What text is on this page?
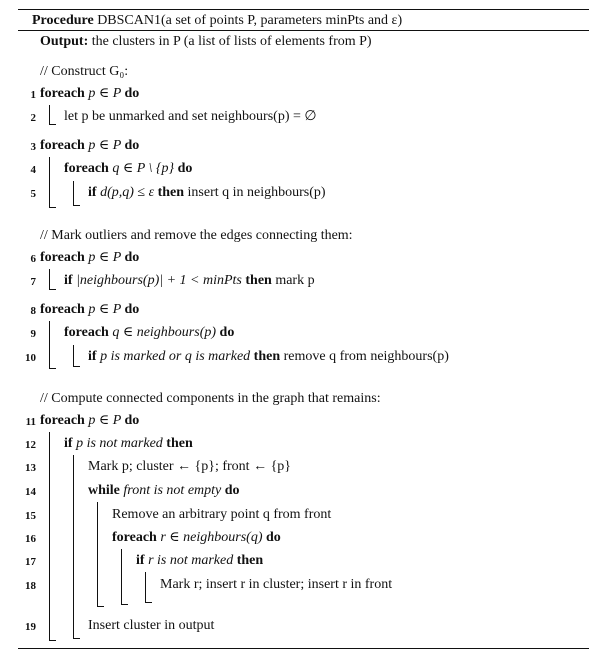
Procedure DBSCAN1(a set of points P, parameters minPts and ε)
Output: the clusters in P (a list of lists of elements from P)
// Construct G₀:
1 foreach p ∈ P do
2 let p be unmarked and set neighbours(p) = ∅
3 foreach p ∈ P do
4 foreach q ∈ P \ {p} do
5	if d(p,q) ≤ ε then insert q in neighbours(p)
// Mark outliers and remove the edges connecting them:
6 foreach p ∈ P do
7 if |neighbours(p)| + 1 < minPts then mark p
8 foreach p ∈ P do
9 foreach q ∈ neighbours(p) do
10	if p is marked or q is marked then remove q from neighbours(p)
// Compute connected components in the graph that remains:
11 foreach p ∈ P do
12 if p is not marked then
13	Mark p; cluster ← {p}; front ← {p}
14	while front is not empty do
15	Remove an arbitrary point q from front
16	foreach r ∈ neighbours(q) do
17	if r is not marked then
18	Mark r; insert r in cluster; insert r in front
19	Insert cluster in output
